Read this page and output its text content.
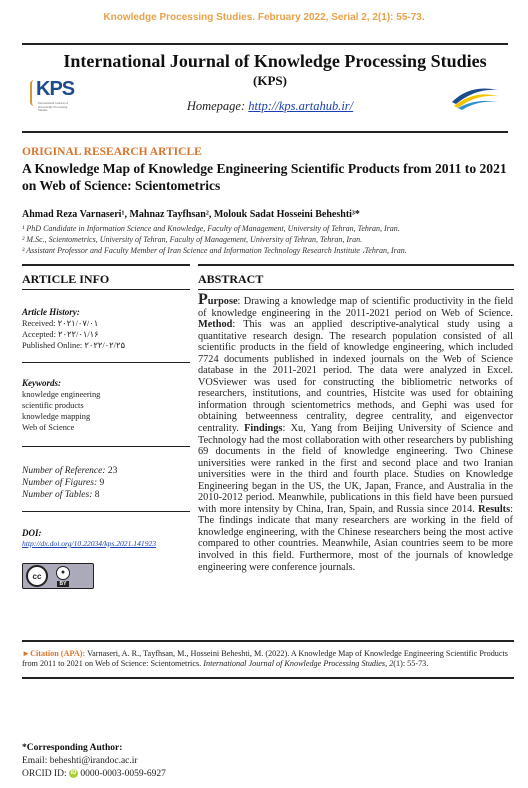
Knowledge Processing Studies. February 2022, Serial 2, 2(1): 55-73.
International Journal of Knowledge Processing Studies
(KPS)
KPS
International Journal of Knowledge Processing Studies	Homepage: http://kps.artahub.ir/
ORIGINAL RESEARCH ARTICLE
A Knowledge Map of Knowledge Engineering Scientific Products from 2011 to 2021 on Web of Science: Scientometrics
Ahmad Reza Varnaseri¹, Mahnaz Tayfhsan², Molouk Sadat Hosseini Beheshti³*
¹ PhD Candidate in Information Science and Knowledge, Faculty of Management, University of Tehran, Tehran, Iran.
² M.Sc., Scientometrics, University of Tehran, Faculty of Management, University of Tehran, Tehran, Iran.
³ Assistant Professor and Faculty Member of Iran Science and Information Technology Research Institute ،Tehran, Iran.
ARTICLE INFO	ABSTRACT
Article History:
Received: ۲۰۲۱/۰۷/۰۱
Accepted: ۲۰۲۲/۰۱/۱۶
Published Online: ۲۰۲۲/۰۲/۲۵
Keywords:
knowledge engineering
scientific products
knowledge mapping
Web of Science
Number of Reference: 23
Number of Figures: 9
Number of Tables: 8
DOI:
http://dx.doi.org/10.22034/kps.2021.141923
cc	●
BY
Purpose: Drawing a knowledge map of scientific productivity in the field of knowledge engineering in the 2011-2021 period on Web of Science. Method: This was an applied descriptive-analytical study using a quantitative research design. The research population consisted of all scientific products in the field of knowledge engineering, which included 7724 documents published in indexed journals on the Web of Science database in the 2011-2021 period. The data were analyzed in Excel. VOSviewer was used for constructing the bibliometric networks of researchers, institutions, and countries, Histcite was used for obtaining information through scientometrics methods, and Gephi was used for obtaining betweenness centrality, degree centrality, and eigenvector centrality. Findings: Xu, Yang from Beijing University of Science and Technology had the most collaboration with other researchers by publishing 69 documents in the field of knowledge engineering. Two Chinese universities were ranked in the first and second place and two Iranian universities were in the third and fourth place. Studies on Knowledge Engineering began in the US, the UK, Japan, France, and Australia in the 2010-2012 period. Meanwhile, publications in this field have been pursued with more intensity by China, Iran, Spain, and Russia since 2014. Results: The findings indicate that many researchers are working in the field of knowledge engineering, with the Chinese researchers being the most active compared to other countries. Meanwhile, Asian countries seem to be more involved in this field. Furthermore, most of the journals of knowledge engineering were conference journals.
►Citation (APA): Varnaseri, A. R., Tayfhsan, M., Hosseini Beheshti, M. (2022). A Knowledge Map of Knowledge Engineering Scientific Products from 2011 to 2021 on Web of Science: Scientometrics. International Journal of Knowledge Processing Studies, 2(1): 55-73.
*Corresponding Author:
Email: beheshti@irandoc.ac.ir
ORCID ID: iD 0000-0003-0059-6927
